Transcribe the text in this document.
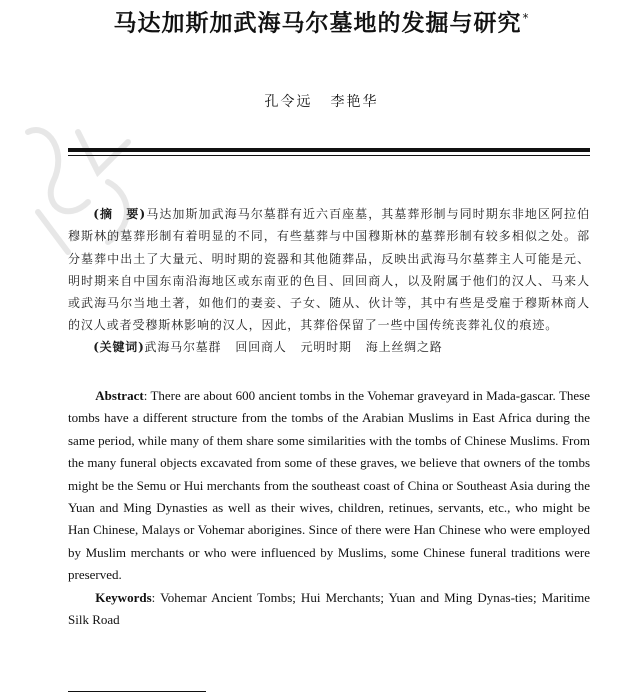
马达加斯加武海马尔墓地的发掘与研究*
孔令远 李艳华

(摘　要)马达加斯加武海马尔墓群有近六百座墓，其墓葬形制与同时期东非地区阿拉伯穆斯林的墓葬形制有着明显的不同，有些墓葬与中国穆斯林的墓葬形制有较多相似之处。部分墓葬中出土了大量元、明时期的瓷器和其他随葬品，反映出武海马尔墓葬主人可能是元、明时期来自中国东南沿海地区或东南亚的色目、回回商人，以及附属于他们的汉人、马来人或武海马尔当地土著，如他们的妻妾、子女、随从、伙计等，其中有些是受雇于穆斯林商人的汉人或者受穆斯林影响的汉人，因此，其葬俗保留了一些中国传统丧葬礼仪的痕迹。

(关键词)武海马尔墓群 回回商人 元明时期 海上丝绸之路

Abstract: There are about 600 ancient tombs in the Vohemar graveyard in Mada-gascar. These tombs have a different structure from the tombs of the Arabian Muslims in East Africa during the same period, while many of them share some similarities with the tombs of Chinese Muslims. From the many funeral objects excavated from some of these graves, we believe that owners of the tombs might be the Semu or Hui merchants from the southeast coast of China or Southeast Asia during the Yuan and Ming Dynasties as well as their wives, children, retinues, servants, etc., who might be Han Chinese, Malays or Vohemar aborigines. Since of there were Han Chinese who were employed by Muslim merchants or who were influenced by Muslims, some Chinese funeral traditions were preserved.

Keywords: Vohemar Ancient Tombs; Hui Merchants; Yuan and Ming Dynas-ties; Maritime Silk Road
